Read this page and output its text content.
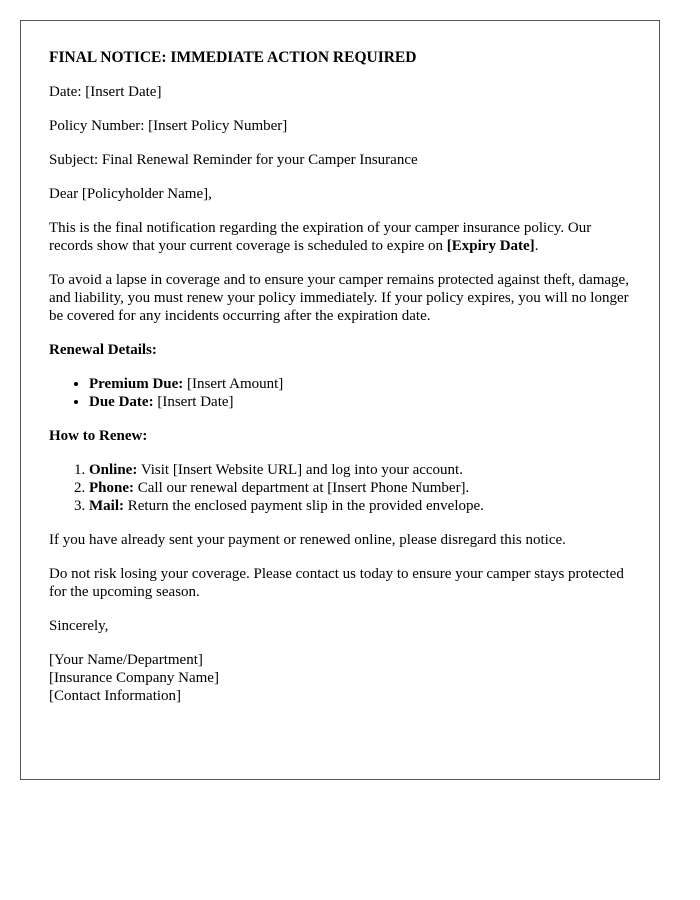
FINAL NOTICE: IMMEDIATE ACTION REQUIRED

Date: [Insert Date]

Policy Number: [Insert Policy Number]

Subject: Final Renewal Reminder for your Camper Insurance

Dear [Policyholder Name],

This is the final notification regarding the expiration of your camper insurance policy. Our records show that your current coverage is scheduled to expire on [Expiry Date].

To avoid a lapse in coverage and to ensure your camper remains protected against theft, damage, and liability, you must renew your policy immediately. If your policy expires, you will no longer be covered for any incidents occurring after the expiration date.

Renewal Details:
• Premium Due: [Insert Amount]
• Due Date: [Insert Date]
How to Renew:
1. Online: Visit [Insert Website URL] and log into your account.
2. Phone: Call our renewal department at [Insert Phone Number].
3. Mail: Return the enclosed payment slip in the provided envelope.

If you have already sent your payment or renewed online, please disregard this notice.

Do not risk losing your coverage. Please contact us today to ensure your camper stays protected for the upcoming season.

Sincerely,

[Your Name/Department]
[Insurance Company Name]
[Contact Information]
